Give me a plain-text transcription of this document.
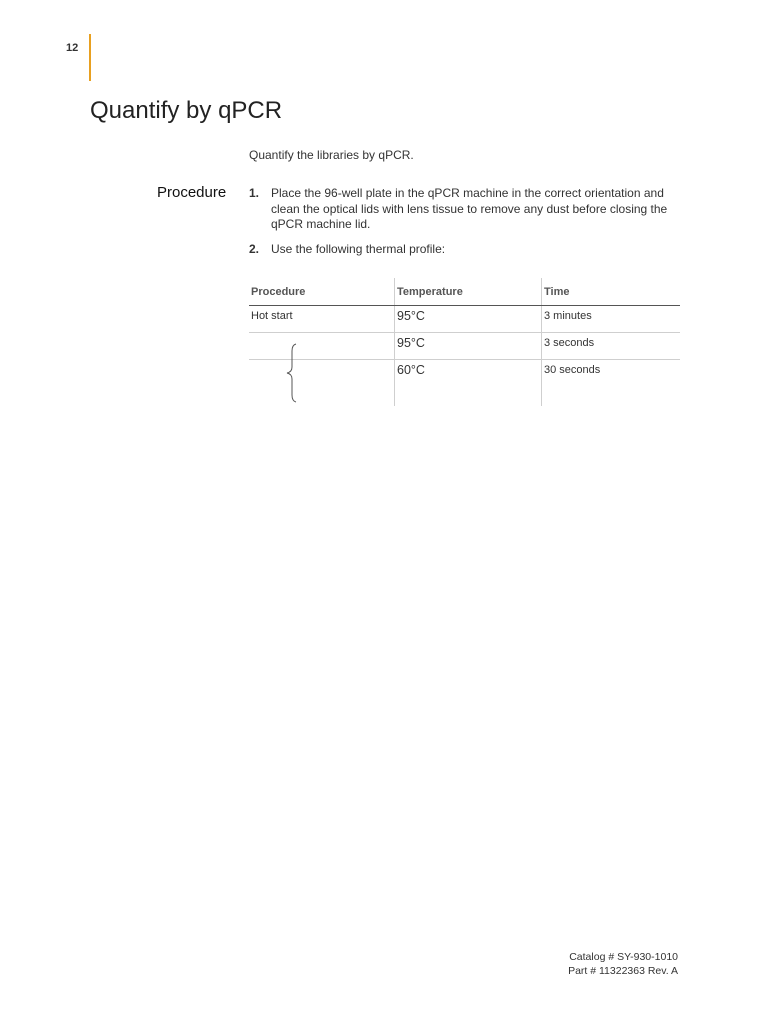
12
Quantify by qPCR
Quantify the libraries by qPCR.
Procedure 1. Place the 96-well plate in the qPCR machine in the correct orientation and clean the optical lids with lens tissue to remove any dust before closing the qPCR machine lid.
2. Use the following thermal profile:
Procedure	Temperature	Time
Hot start	95°C	3 minutes
	95°C	3 seconds
	60°C	30 seconds
Catalog # SY-930-1010
Part # 11322363 Rev. A
